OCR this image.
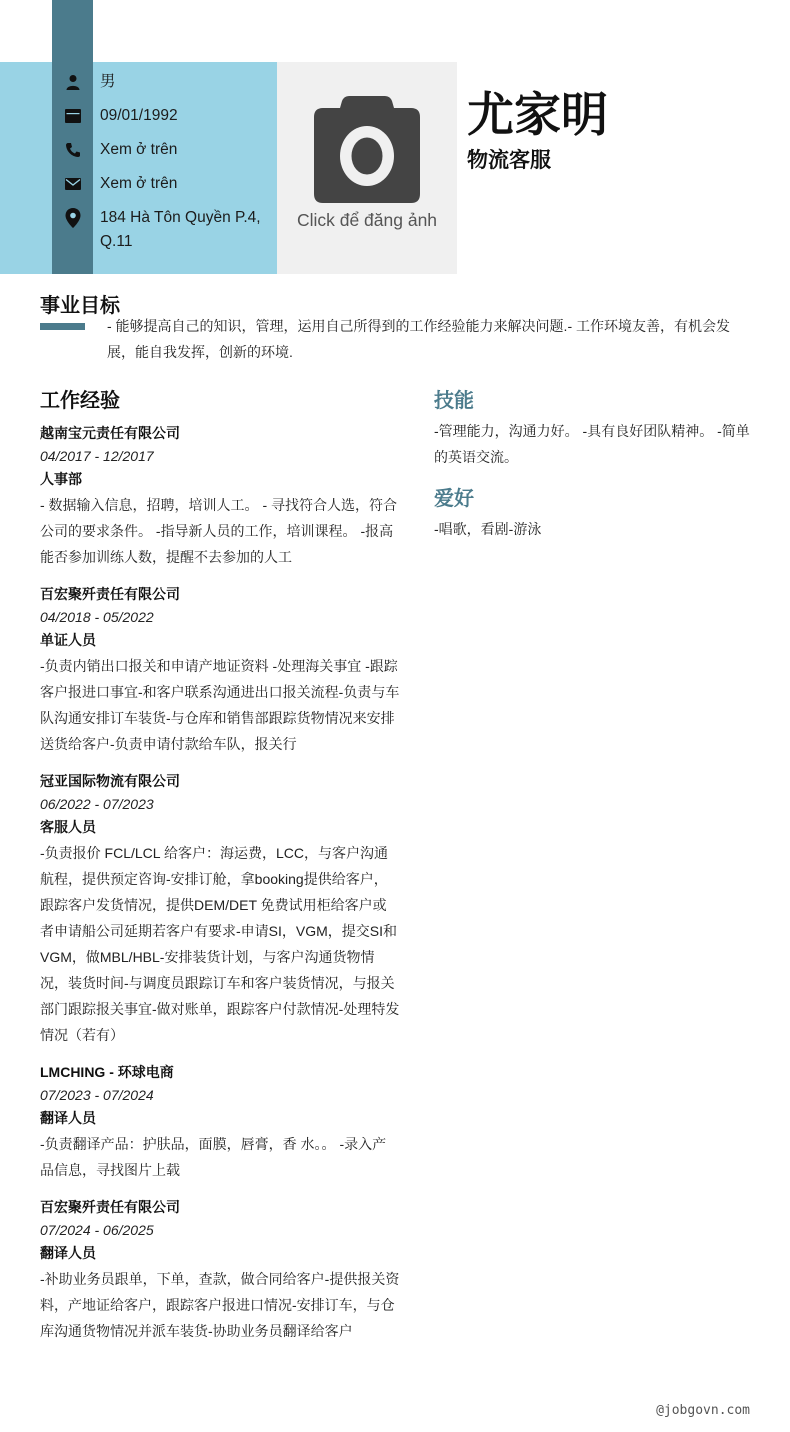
男
09/01/1992
Xem ở trên
Xem ở trên
184 Hà Tôn Quyền P.4, Q.11
Click để đăng ảnh
尤家明
物流客服
事业目标
- 能够提高自己的知识，管理，运用自己所得到的工作经验能力来解决问题.- 工作环境友善，有机会发展，能自我发挥，创新的环境.
工作经验
越南宝元责任有限公司
04/2017 - 12/2017
人事部
- 数据输入信息，招聘，培训人工。 - 寻找符合人选，符合公司的要求条件。 -指导新人员的工作，培训课程。 -报高能否参加训练人数，提醒不去参加的人工
百宏聚歼责任有限公司
04/2018 - 05/2022
单证人员
-负责内销出口报关和申请产地证资料 -处理海关事宜 -跟踪客户报进口事宜-和客户联系沟通进出口报关流程-负责与车队沟通安排订车装货-与仓库和销售部跟踪货物情况来安排送货给客户-负责申请付款给车队，报关行
冠亚国际物流有限公司
06/2022 - 07/2023
客服人员
-负责报价 FCL/LCL 给客户：海运费，LCC，与客户沟通航程，提供预定咨询-安排订舱，拿booking提供给客户，跟踪客户发货情况，提供DEM/DET 免费试用柜给客户或者申请船公司延期若客户有要求-申请SI，VGM，提交SI和VGM，做MBL/HBL-安排装货计划，与客户沟通货物情况，装货时间-与调度员跟踪订车和客户装货情况，与报关部门跟踪报关事宜-做对账单，跟踪客户付款情况-处理特发情况（若有）
LMCHING - 环球电商
07/2023 - 07/2024
翻译人员
-负责翻译产品：护肤品，面膜，唇膏，香 水。。 -录入产品信息，寻找图片上载
百宏聚歼责任有限公司
07/2024 - 06/2025
翻译人员
-补助业务员跟单，下单，查款，做合同给客户-提供报关资料，产地证给客户，跟踪客户报进口情况-安排订车，与仓库沟通货物情况并派车装货-协助业务员翻译给客户
技能
-管理能力，沟通力好。 -具有良好团队精神。 -简单的英语交流。
爱好
-唱歌，看剧-游泳
@jobgovn.com
